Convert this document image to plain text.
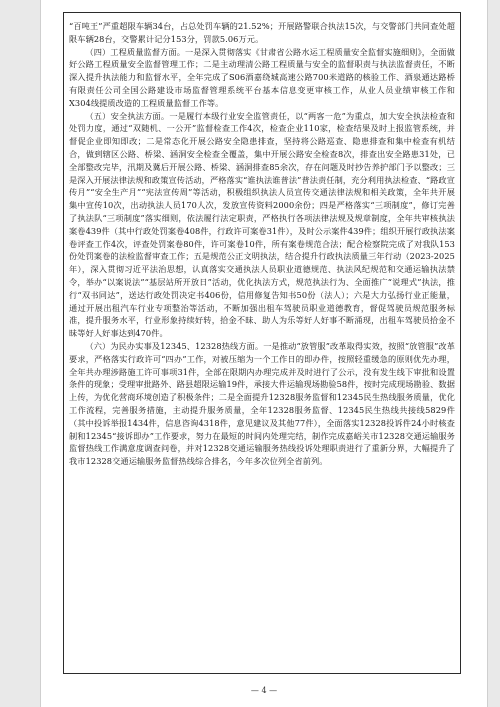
“百吨王”严重超限车辆34台，占总处罚车辆的21.52%；开展路警联合执法15次，与交警部门共同查处超限车辆28台，交警累计记分153分，罚款5.06万元。

（四）工程质量监督方面。一是深入贯彻落实《甘肃省公路水运工程质量安全监督实施细则》，全面做好公路工程质量安全监督管理工作；二是主动理清公路工程质量与安全的监督职责与执法监督责任，不断深入提升执法能力和监督水平，全年完成了S06酒嘉绕城高速公路700米道路的核验工作、酒泉通达路桥有限责任公司全国公路建设市场监督管理系统平台基本信息变更审核工作，从业人员业绩审核工作和X304线提质改造的工程质量监督工作等。

（五）安全执法方面。一是履行本级行业安全监管责任，以“两客一危”为重点，加大安全执法检查和处罚力度，通过“双随机、一公开”监督检查工作4次，检查企业110家，检查结果及时上报监管系统，并督促企业即知即改；二是常态化开展公路安全隐患排查，坚持将公路巡查、隐患排查和集中检查有机结合，做到辖区公路、桥梁、涵洞安全检查全覆盖，集中开展公路安全检查8次，排查出安全路患31处，已全部整改完毕，汛期及冀后开展公路、桥梁、涵洞排查85余次，存在问题及时抄告养护部门予以整改；三是深入开展法律法规和政策宣传活动，严格落实“谁执法谁普法”普法责任制，充分利用执法检查、“路政宣传月”“安全生产月”“宪法宣传周”等活动，积极组织执法人员宣传交通法律法规和相关政策，全年共开展集中宣传10次，出动执法人员170人次，发放宣传资料2000余份；四是严格落实“三项制度”，修订完善了执法队“三项制度”落实细则，依法履行法定职责，严格执行各项法律法规及规章制度，全年共审核执法案卷439件（其中行政处罚案卷408件，行政许可案卷31件），及时公示案件439件；组织开展行政执法案卷评查工作4次，评查处罚案卷80件，许可案卷10件，所有案卷规范合法；配合检察院完成了对我队153份处罚案卷的法检监督审查工作；五是规范公正文明执法，结合提升行政执法质量三年行动（2023-2025年），深入贯彻习近平法治思想，认真落实交通执法人员职业道德规范、执法风纪规范和交通运输执法禁令，举办“以案说法”“基层站所开放日”活动，优化执法方式，规范执法行为、全面推广“说理式”执法，推行“双书同达”，送达行政处罚决定书406份，信用修复告知书50份（法人）；六是大力弘扬行业正能量，通过开展出租汽车行业专项整治等活动，不断加强出租车驾驶员职业道德教育，督促驾驶员规范服务标准，提升服务水平，行业形象持续好转，拾金不昧、助人为乐等好人好事不断涌现，出租车驾驶员拾金不昧等好人好事达到470件。

（六）为民办实事及12345、12328热线方面。一是推动“放管服”改革取得实效，按照“放管服”改革要求，严格落实行政许可“四办”工作，对被压缩为一个工作日的即办件，按照轻重缓急的原则优先办理，全年共办理涉路施工许可事项31件，全部在限期内办理完成并及时进行了公示，没有发生线下审批和设置条件的现象；受理审批路外、路县超限运输19件，承接大件运输现场勘验58件，按时完成现场勘验、数据上传，为优化营商环境创造了积极条件；二是全面提升12328服务监督和12345民生热线服务质量，优化工作流程，完善服务措施，主动提升服务质量，全年12328服务监督、12345民生热线共接线5829件（其中投诉举报1434件，信息咨询4318件，意见建议及其他77件），全面落实12328投诉件24小时核查制和12345“接诉即办”工作要求，努力在最短的时间内处理完结，制作完成嘉峪关市12328交通运输服务监督热线工作满意度调查问卷，并对12328交通运输服务热线投诉处理职责进行了重新分界，大幅提升了我市12328交通运输服务监督热线综合排名，今年多次位列全省前列。

— 4 —
